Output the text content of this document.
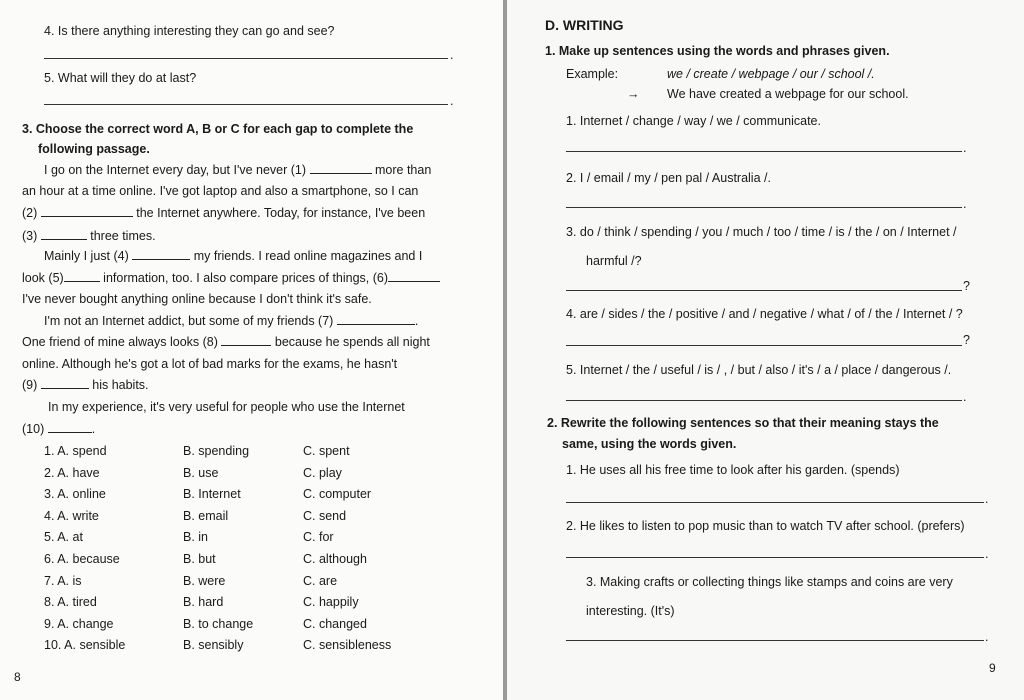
4. Is there anything interesting they can go and see?
.
5. What will they do at last?
.
3. Choose the correct word A, B or C for each gap to complete the
following passage.
I go on the Internet every day, but I've never (1)	more than
an hour at a time online. I've got laptop and also a smartphone, so I can
(2)	the Internet anywhere. Today, for instance, I've been
(3)	three times.
Mainly I just (4)	my friends. I read online magazines and I
look (5)	information, too. I also compare prices of things, (6)
I've never bought anything online because I don't think it's safe.
I'm not an Internet addict, but some of my friends (7)	.
One friend of mine always looks (8)	because he spends all night
online. Although he's got a lot of bad marks for the exams, he hasn't
(9)	his habits.
In my experience, it's very useful for people who use the Internet
(10)	.
1. A. spend	B. spending	C. spent
2. A. have	B. use	C. play
3. A. online	B. Internet	C. computer
4. A. write	B. email	C. send
5. A. at	B. in	C. for
6. A. because	B. but	C. although
7. A. is	B. were	C. are
8. A. tired	B. hard	C. happily
9. A. change	B. to change	C. changed
10. A. sensible	B. sensibly	C. sensibleness
8
D. WRITING
1. Make up sentences using the words and phrases given.
Example:	we / create / webpage / our / school /.
→ We have created a webpage for our school.
1. Internet / change / way / we / communicate.
.
2. I / email / my / pen pal / Australia /.
.
3. do / think / spending / you / much / too / time / is / the / on / Internet /
harmful /?
?
4. are / sides / the / positive / and / negative / what / of / the / Internet / ?
?
5. Internet / the / useful / is / , / but / also / it's / a / place / dangerous /.
.
2. Rewrite the following sentences so that their meaning stays the
same, using the words given.
1. He uses all his free time to look after his garden. (spends)
.
2. He likes to listen to pop music than to watch TV after school. (prefers)
.
3. Making crafts or collecting things like stamps and coins are very
interesting. (It's)
.
9
